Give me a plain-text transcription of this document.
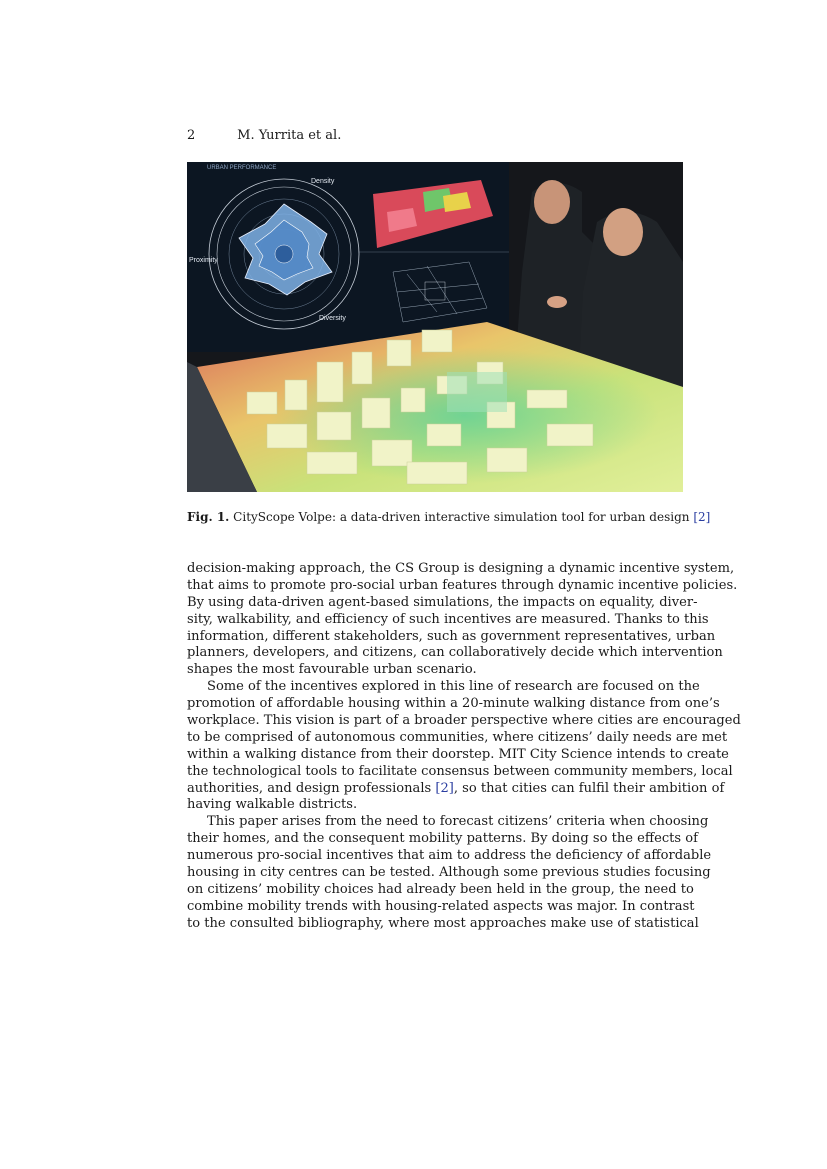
2	M. Yurrita et al.
URBAN PERFORMANCE
Density
Proximity
Diversity
Fig. 1. CityScope Volpe: a data-driven interactive simulation tool for urban design [2]
decision-making approach, the CS Group is designing a dynamic incentive system,
that aims to promote pro-social urban features through dynamic incentive policies.
By using data-driven agent-based simulations, the impacts on equality, diver-
sity, walkability, and efficiency of such incentives are measured. Thanks to this
information, different stakeholders, such as government representatives, urban
planners, developers, and citizens, can collaboratively decide which intervention
shapes the most favourable urban scenario.
Some of the incentives explored in this line of research are focused on the
promotion of affordable housing within a 20-minute walking distance from one’s
workplace. This vision is part of a broader perspective where cities are encouraged
to be comprised of autonomous communities, where citizens’ daily needs are met
within a walking distance from their doorstep. MIT City Science intends to create
the technological tools to facilitate consensus between community members, local
authorities, and design professionals [2], so that cities can fulfil their ambition of
having walkable districts.
This paper arises from the need to forecast citizens’ criteria when choosing
their homes, and the consequent mobility patterns. By doing so the effects of
numerous pro-social incentives that aim to address the deficiency of affordable
housing in city centres can be tested. Although some previous studies focusing
on citizens’ mobility choices had already been held in the group, the need to
combine mobility trends with housing-related aspects was major. In contrast
to the consulted bibliography, where most approaches make use of statistical
